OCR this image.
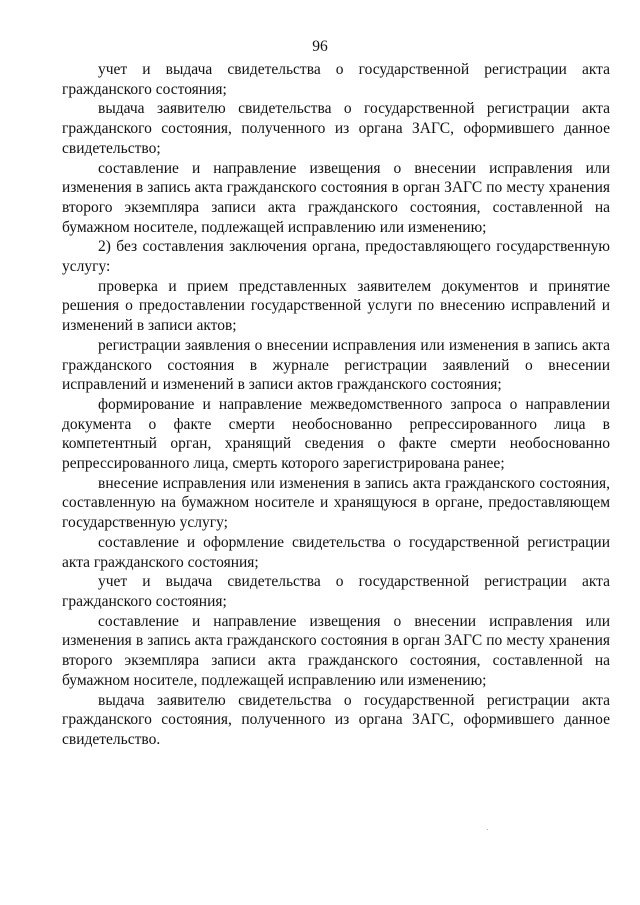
96

учет и выдача свидетельства о государственной регистрации акта гражданского состояния;

выдача заявителю свидетельства о государственной регистрации акта гражданского состояния, полученного из органа ЗАГС, оформившего данное свидетельство;

составление и направление извещения о внесении исправления или изменения в запись акта гражданского состояния в орган ЗАГС по месту хранения второго экземпляра записи акта гражданского состояния, составленной на бумажном носителе, подлежащей исправлению или изменению;

2) без составления заключения органа, предоставляющего государственную услугу:

проверка и прием представленных заявителем документов и принятие решения о предоставлении государственной услуги по внесению исправлений и изменений в записи актов;

регистрации заявления о внесении исправления или изменения в запись акта гражданского состояния в журнале регистрации заявлений о внесении исправлений и изменений в записи актов гражданского состояния;

формирование и направление межведомственного запроса о направлении документа о факте смерти необоснованно репрессированного лица в компетентный орган, хранящий сведения о факте смерти необоснованно репрессированного лица, смерть которого зарегистрирована ранее;

внесение исправления или изменения в запись акта гражданского состояния, составленную на бумажном носителе и хранящуюся в органе, предоставляющем государственную услугу;

составление и оформление свидетельства о государственной регистрации акта гражданского состояния;

учет и выдача свидетельства о государственной регистрации акта гражданского состояния;

составление и направление извещения о внесении исправления или изменения в запись акта гражданского состояния в орган ЗАГС по месту хранения второго экземпляра записи акта гражданского состояния, составленной на бумажном носителе, подлежащей исправлению или изменению;

выдача заявителю свидетельства о государственной регистрации акта гражданского состояния, полученного из органа ЗАГС, оформившего данное свидетельство.
